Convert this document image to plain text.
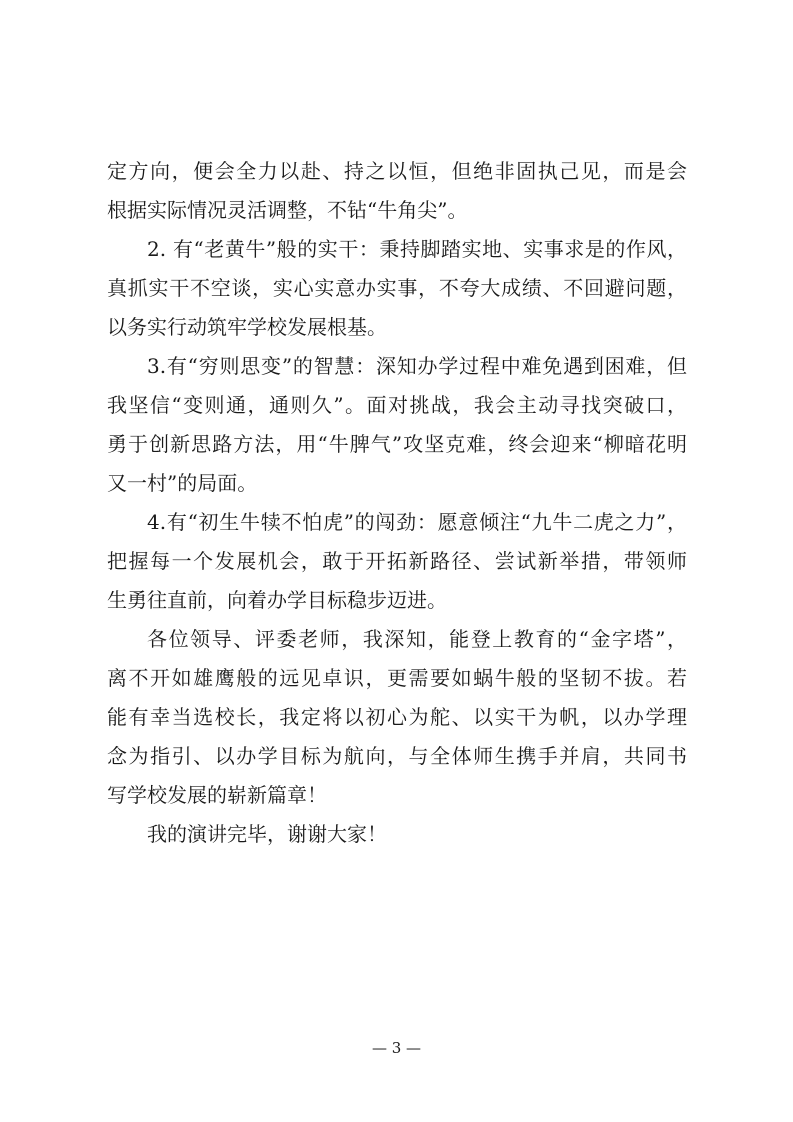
定方向，便会全力以赴、持之以恒，但绝非固执己见，而是会
根据实际情况灵活调整，不钻“牛角尖”。
2. 有“老黄牛”般的实干：秉持脚踏实地、实事求是的作风，
真抓实干不空谈，实心实意办实事，不夸大成绩、不回避问题，
以务实行动筑牢学校发展根基。
3.有“穷则思变”的智慧：深知办学过程中难免遇到困难，但
我坚信“变则通，通则久”。面对挑战，我会主动寻找突破口，
勇于创新思路方法，用“牛脾气”攻坚克难，终会迎来“柳暗花明
又一村”的局面。
4.有“初生牛犊不怕虎”的闯劲：愿意倾注“九牛二虎之力”，
把握每一个发展机会，敢于开拓新路径、尝试新举措，带领师
生勇往直前，向着办学目标稳步迈进。
各位领导、评委老师，我深知，能登上教育的“金字塔”，
离不开如雄鹰般的远见卓识，更需要如蜗牛般的坚韧不拔。若
能有幸当选校长，我定将以初心为舵、以实干为帆，以办学理
念为指引、以办学目标为航向，与全体师生携手并肩，共同书
写学校发展的崭新篇章！
我的演讲完毕，谢谢大家！
— 3 —
